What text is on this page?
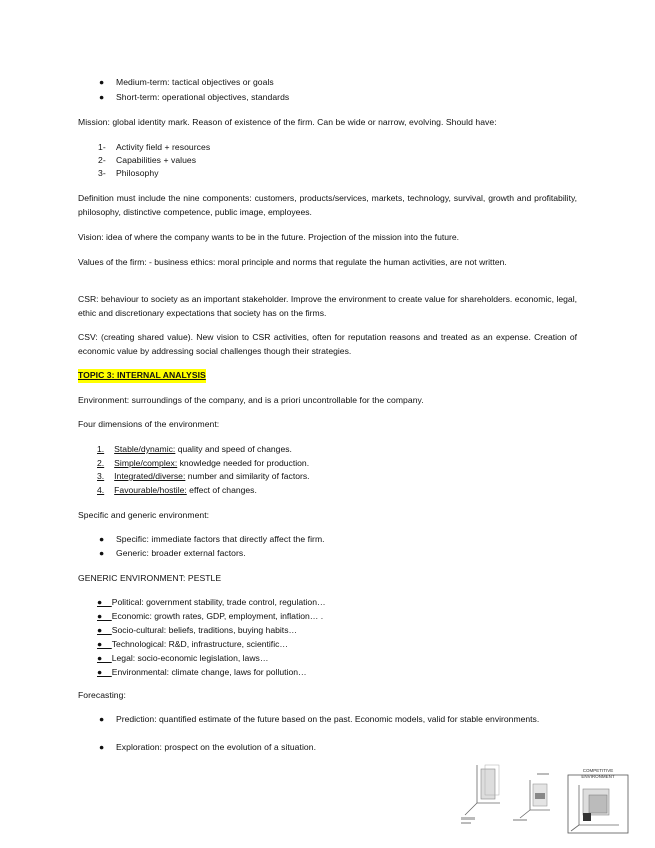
● Medium-term: tactical objectives or goals
● Short-term: operational objectives, standards
Mission: global identity mark. Reason of existence of the firm. Can be wide or narrow, evolving. Should have:
1- Activity field + resources
2- Capabilities + values
3- Philosophy
Definition must include the nine components: customers, products/services, markets, technology, survival, growth and profitability, philosophy, distinctive competence, public image, employees.
Vision: idea of where the company wants to be in the future. Projection of the mission into the future.
Values of the firm: - business ethics: moral principle and norms that regulate the human activities, are not written.
CSR: behaviour to society as an important stakeholder. Improve the environment to create value for shareholders. economic, legal, ethic and discretionary expectations that society has on the firms.
CSV: (creating shared value). New vision to CSR activities, often for reputation reasons and treated as an expense. Creation of economic value by addressing social challenges though their strategies.
TOPIC 3: INTERNAL ANALYSIS
Environment: surroundings of the company, and is a priori uncontrollable for the company.
Four dimensions of the environment:
1. Stable/dynamic: quality and speed of changes.
2. Simple/complex: knowledge needed for production.
3. Integrated/diverse: number and similarity of factors.
4. Favourable/hostile: effect of changes.
Specific and generic environment:
● Specific: immediate factors that directly affect the firm.
● Generic: broader external factors.
GENERIC ENVIRONMENT: PESTLE
●    Political: government stability, trade control, regulation…
●    Economic: growth rates, GDP, employment, inflation… .
●    Socio-cultural: beliefs, traditions, buying habits…
●    Technological: R&D, infrastructure, scientific…
●    Legal: socio-economic legislation, laws…
●    Environmental: climate change, laws for pollution…
Forecasting:
● Prediction: quantified estimate of the future based on the past. Economic models, valid for stable environments.
● Exploration: prospect on the evolution of a situation.
COMPETITIVE
ENVIRONMENT
